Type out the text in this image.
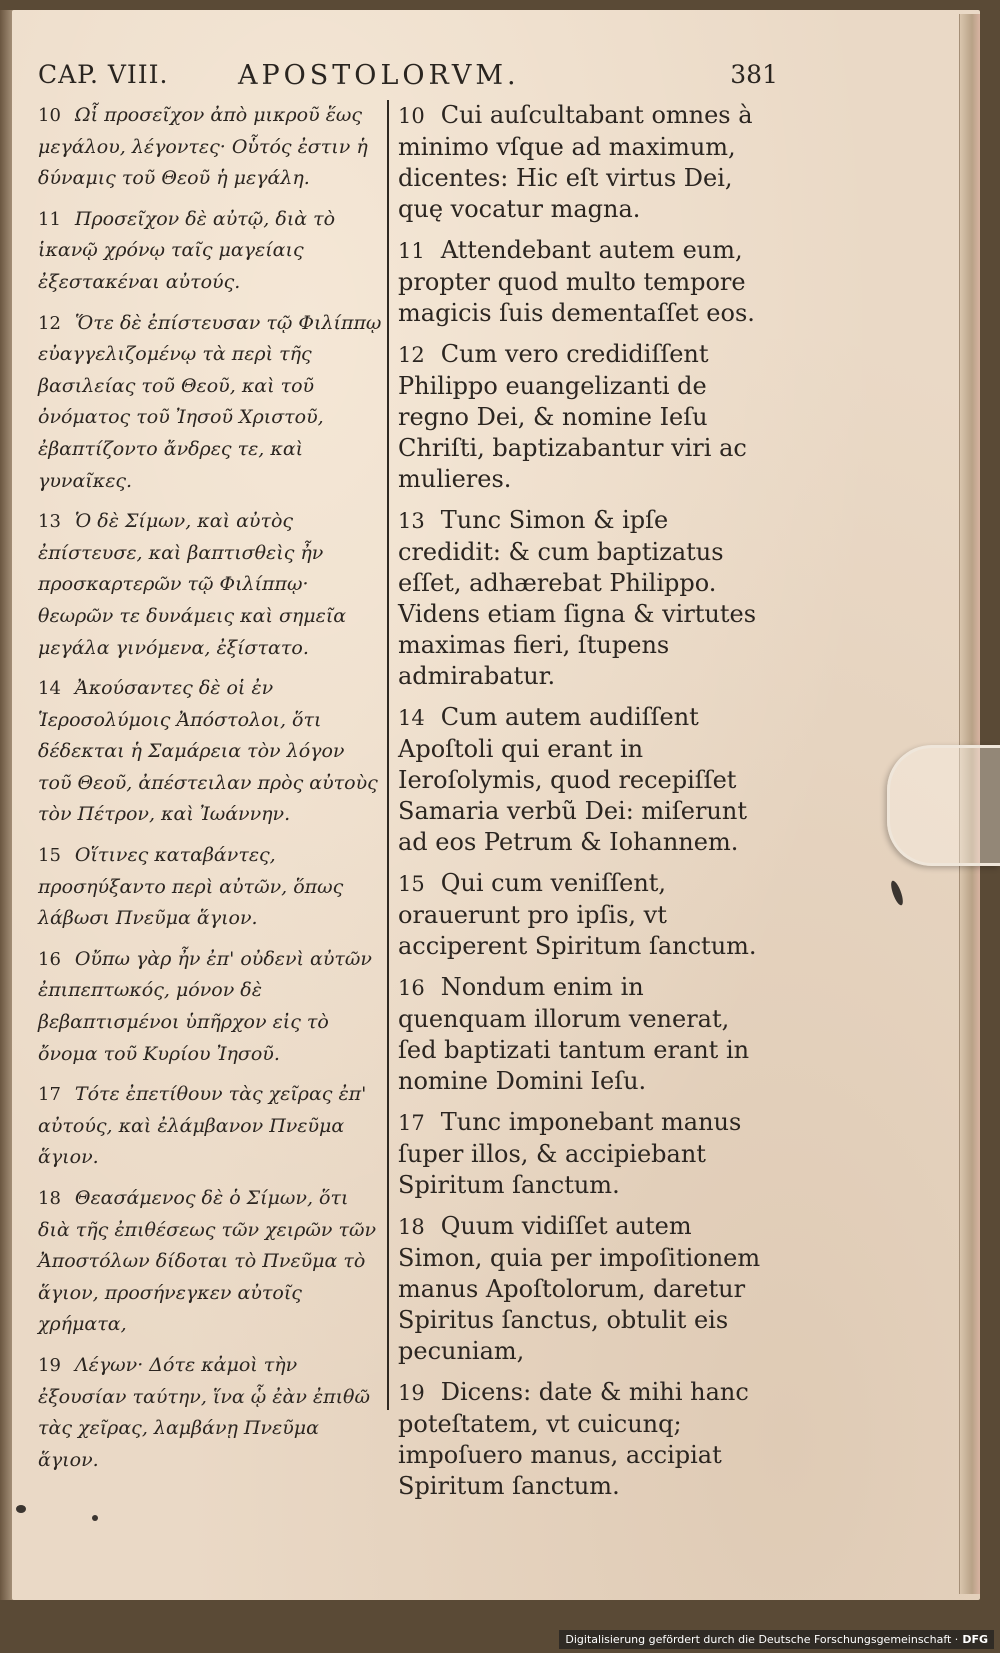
CAP. VIII.	APOSTOLORVM.	381

10 Ωἷ προσεῖχον ἀπὸ μικροῦ ἕως μεγάλου, λέγοντες· Οὗτός ἐστιν ἡ δύναμις τοῦ Θεοῦ ἡ μεγάλη.

11 Προσεῖχον δὲ αὐτῷ, διὰ τὸ ἱκανῷ χρόνῳ ταῖς μαγείαις ἐξεστακέναι αὐτούς.

12 Ὅτε δὲ ἐπίστευσαν τῷ Φιλίππῳ εὐαγγελιζομένῳ τὰ περὶ τῆς βασιλείας τοῦ Θεοῦ, καὶ τοῦ ὀνόματος τοῦ Ἰησοῦ Χριστοῦ, ἐβαπτίζοντο ἄνδρες τε, καὶ γυναῖκες.

13 Ὁ δὲ Σίμων, καὶ αὐτὸς ἐπίστευσε, καὶ βαπτισθεὶς ἦν προσκαρτερῶν τῷ Φιλίππῳ· θεωρῶν τε δυνάμεις καὶ σημεῖα μεγάλα γινόμενα, ἐξίστατο.

14 Ἀκούσαντες δὲ οἱ ἐν Ἱεροσολύμοις Ἀπόστολοι, ὅτι δέδεκται ἡ Σαμάρεια τὸν λόγον τοῦ Θεοῦ, ἀπέστειλαν πρὸς αὐτοὺς τὸν Πέτρον, καὶ Ἰωάννην.

15 Οἵτινες καταβάντες, προσηύξαντο περὶ αὐτῶν, ὅπως λάβωσι Πνεῦμα ἅγιον.

16 Οὔπω γὰρ ἦν ἐπ' οὐδενὶ αὐτῶν ἐπιπεπτωκός, μόνον δὲ βεβαπτισμένοι ὑπῆρχον εἰς τὸ ὄνομα τοῦ Κυρίου Ἰησοῦ.

17 Τότε ἐπετίθουν τὰς χεῖρας ἐπ' αὐτούς, καὶ ἐλάμβανον Πνεῦμα ἅγιον.

18 Θεασάμενος δὲ ὁ Σίμων, ὅτι διὰ τῆς ἐπιθέσεως τῶν χειρῶν τῶν Ἀποστόλων δίδοται τὸ Πνεῦμα τὸ ἅγιον, προσήνεγκεν αὐτοῖς χρήματα,

19 Λέγων· Δότε κἀμοὶ τὴν ἐξουσίαν ταύτην, ἵνα ᾧ ἐὰν ἐπιθῶ τὰς χεῖρας, λαμβάνῃ Πνεῦμα ἅγιον.

10 Cui auſcultabant omnes à minimo vſque ad maximum, dicentes: Hic eſt virtus Dei, quę vocatur magna.

11 Attendebant autem eum, propter quod multo tempore magicis ſuis dementaſſet eos.

12 Cum vero credidiſſent Philippo euangelizanti de regno Dei, & nomine Ieſu Chriſti, baptizabantur viri ac mulieres.

13 Tunc Simon & ipſe credidit: & cum baptizatus eſſet, adhærebat Philippo. Videns etiam ſigna & virtutes maximas fieri, ſtupens admirabatur.

14 Cum autem audiſſent Apoſtoli qui erant in Ieroſolymis, quod recepiſſet Samaria verbũ Dei: miſerunt ad eos Petrum & Iohannem.

15 Qui cum veniſſent, orauerunt pro ipſis, vt acciperent Spiritum ſanctum.

16 Nondum enim in quenquam illorum venerat, ſed baptizati tantum erant in nomine Domini Ieſu.

17 Tunc imponebant manus ſuper illos, & accipiebant Spiritum ſanctum.

18 Quum vidiſſet autem Simon, quia per impoſitionem manus Apoſtolorum, daretur Spiritus ſanctus, obtulit eis pecuniam,

19 Dicens: date & mihi hanc poteſtatem, vt cuicunq; impoſuero manus, accipiat Spiritum ſanctum.

Digitalisierung gefördert durch die Deutsche Forschungsgemeinschaft · DFG
